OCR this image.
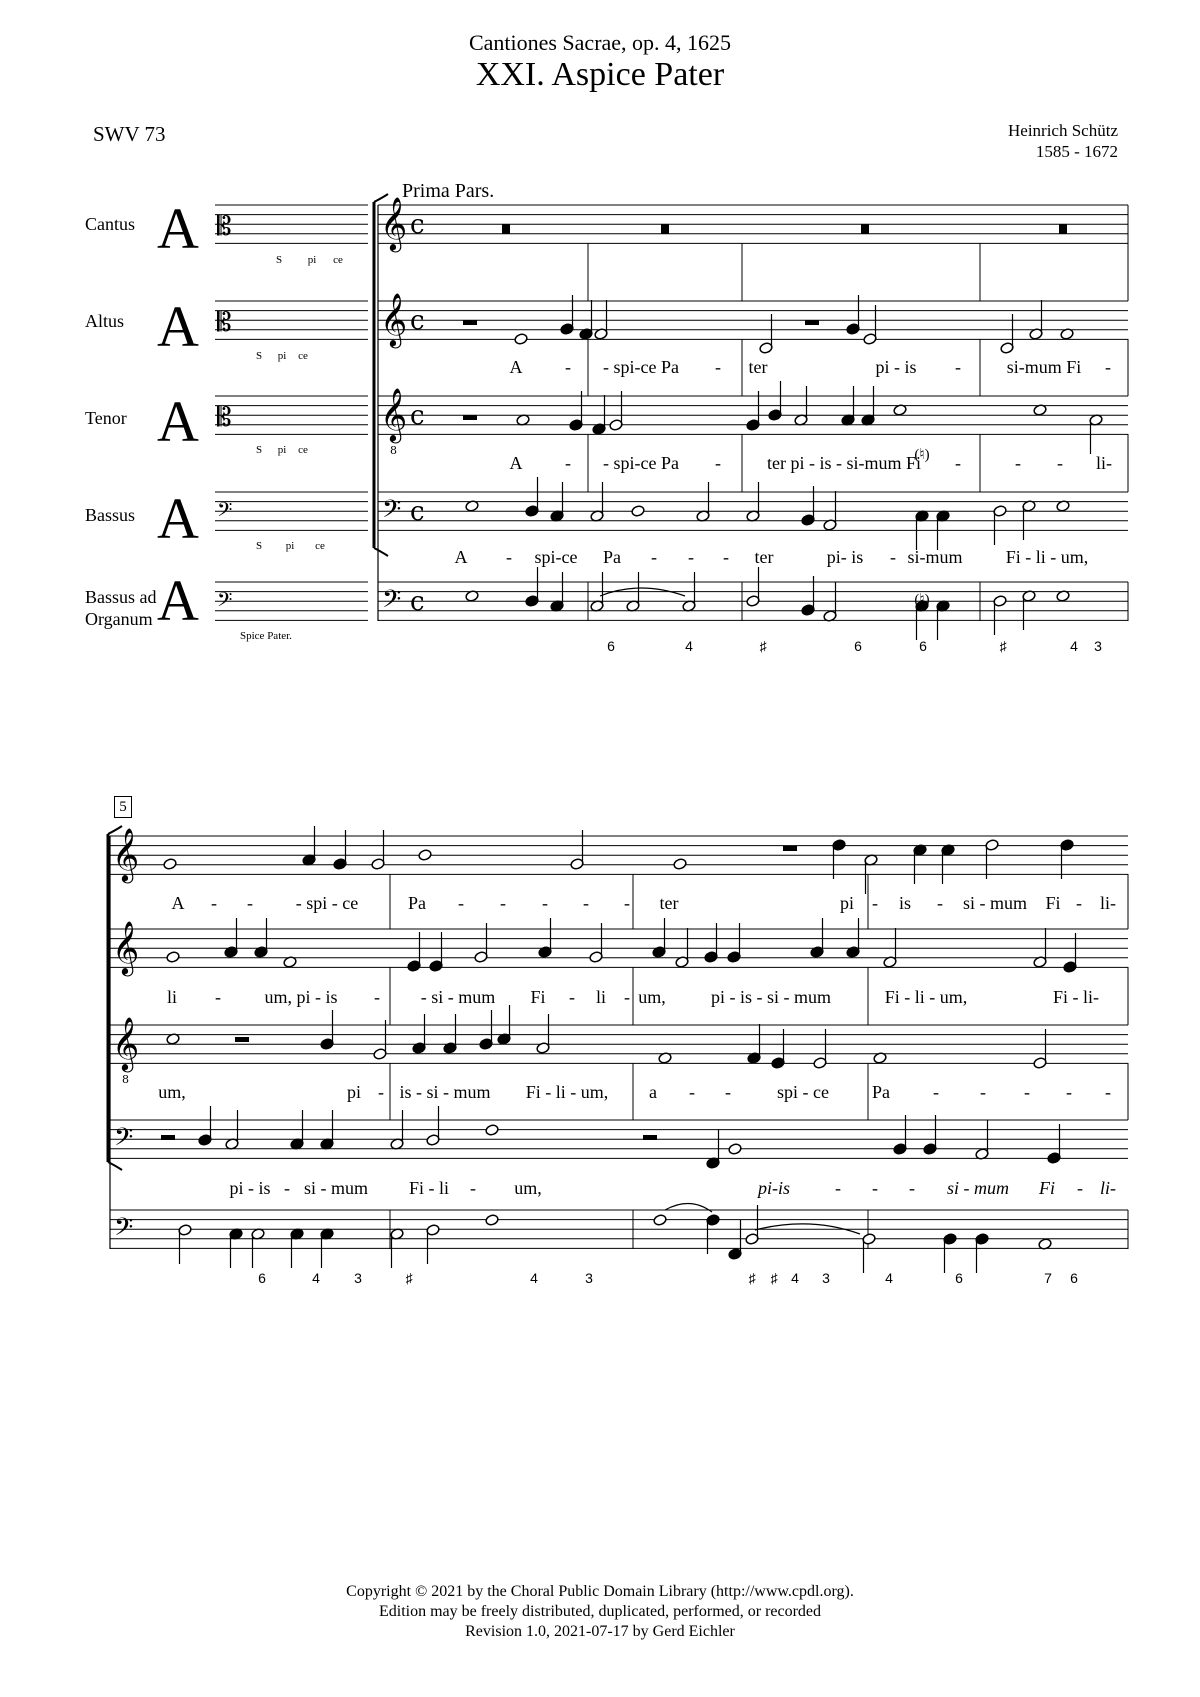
Cantiones Sacrae, op. 4, 1625
XXI. Aspice Pater
SWV 73	Heinrich Schütz
1585 - 1672
Cantus
Altus
Tenor
Bassus
Bassus ad
Organum
A
A
A
A
A
S pi ce
S pi ce
S pi ce
S pi ce
Spice Pater.
Prima Pars.
5
𝄞 c
𝄞 c
𝄞 c
𝄢 c
𝄢 c
𝄞
𝄞
𝄞
𝄢
𝄢
8
8
𝄡
𝄡
𝄡
𝄢
𝄢
A - - spi-ce Pa - ter	pi - is -	si-mum Fi -
A - - spi-ce Pa -	ter pi - is - si-mum Fi -	- - li-
A - spi-ce Pa - - - ter	pi- is - si-mum Fi - li - um,
(♮)
(♮)
6	4	♯	6	6	♯	4 3
A - - - spi - ce	Pa - - - - - ter	pi - is - si - mum Fi - li-
li - um, pi - is - - si - mum Fi - li - um,	pi - is - si - mum	Fi - li - um,	Fi - li-
um,	pi - is - si - mum Fi - li - um, a - -	spi - ce Pa - - - - -
pi - is - si - mum Fi - li - um,	pi-is - - - si - mum Fi - li-
6	4 3	♯	4	3	♯ ♯ 4 3	4	6	7 6
Copyright © 2021 by the Choral Public Domain Library (http://www.cpdl.org).
Edition may be freely distributed, duplicated, performed, or recorded
Revision 1.0, 2021-07-17 by Gerd Eichler
